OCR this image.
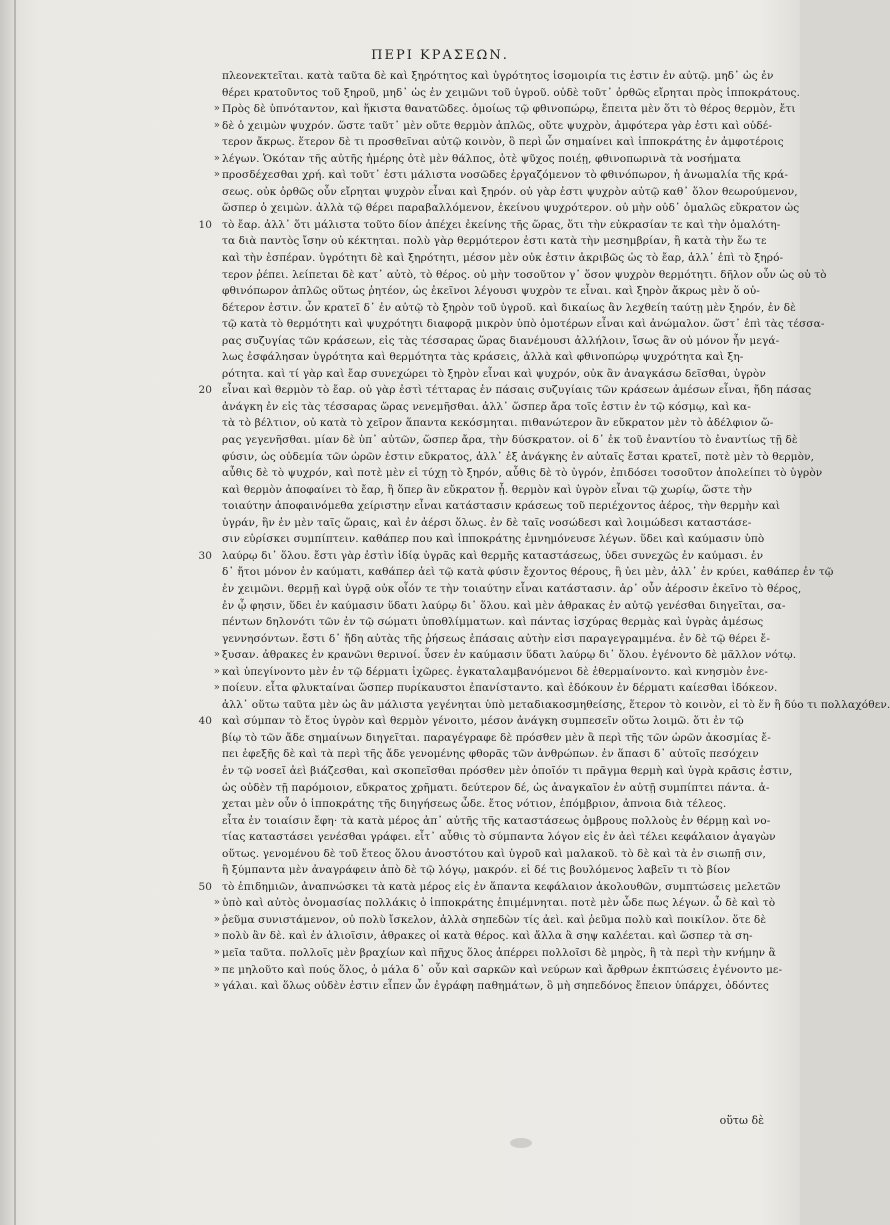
ΠΕΡΙ ΚΡΑΣΕΩΝ.
πλεονεκτεῖται. κατὰ ταῦτα δὲ καὶ ξηρότητος καὶ ὑγρότητος ἰσομοιρία τις ἐστιν ἐν αὐτῷ. μηδ᾽ ὡς ἐν
θέρει κρατοῦντος τοῦ ξηροῦ, μηδ᾽ ὡς ἐν χειμῶνι τοῦ ὑγροῦ. οὐδὲ τοῦτ᾽ ὀρθῶς εἴρηται πρὸς ἱπποκράτους.
» Πρὸς δὲ ὑπνόταντον, καὶ ἥκιστα θανατῶδες. ὁμοίως τῷ φθινοπώρῳ, ἔπειτα μὲν ὅτι τὸ θέρος θερμὸν, ἔτι
» δὲ ὁ χειμὼν ψυχρόν. ὥστε ταῦτ᾽ μὲν οὔτε θερμὸν ἁπλῶς, οὔτε ψυχρὸν, ἀμφότερα γὰρ ἐστι καὶ οὐδέ-
τερον ἄκρως. ἕτερον δὲ τι προσθεῖναι αὐτῷ κοινὸν, ὃ περὶ ὧν σημαίνει καὶ ἱπποκράτης ἐν ἀμφοτέροις
» λέγων. Ὁκόταν τῆς αὐτῆς ἡμέρης ὁτὲ μὲν θάλπος, ὁτὲ ψῦχος ποιέῃ, φθινοπωρινὰ τὰ νοσήματα
» προσδέχεσθαι χρή. καὶ τοῦτ᾽ ἐστι μάλιστα νοσῶδες ἐργαζόμενον τὸ φθινόπωρον, ἡ ἀνωμαλία τῆς κρά-
σεως. οὐκ ὀρθῶς οὖν εἴρηται ψυχρὸν εἶναι καὶ ξηρόν. οὐ γὰρ ἐστι ψυχρὸν αὐτῷ καθ᾽ ὅλον θεωρούμενον,
ὥσπερ ὁ χειμὼν. ἀλλὰ τῷ θέρει παραβαλλόμενον, ἐκείνου ψυχρότερον. οὐ μὴν οὐδ᾽ ὁμαλῶς εὔκρατον ὡς
10 τὸ ἔαρ. ἀλλ᾽ ὅτι μάλιστα τοῦτο δίον ἀπέχει ἐκείνης τῆς ὥρας, ὅτι τὴν εὐκρασίαν τε καὶ τὴν ὁμαλότη-
τα διὰ παντὸς ἴσην οὐ κέκτηται. πολὺ γὰρ θερμότερον ἐστι κατὰ τὴν μεσημβρίαν, ἢ κατὰ τὴν ἕω τε
καὶ τὴν ἑσπέραν. ὑγρότητι δὲ καὶ ξηρότητι, μέσον μὲν οὐκ ἐστιν ἀκριβῶς ὡς τὸ ἔαρ, ἀλλ᾽ ἐπὶ τὸ ξηρό-
τερον ῥέπει. λείπεται δὲ κατ᾽ αὐτὸ, τὸ θέρος. οὐ μὴν τοσοῦτον γ᾽ ὅσον ψυχρὸν θερμότητι. δῆλον οὖν ὡς οὐ τὸ
φθινόπωρον ἁπλῶς οὕτως ῥητέον, ὡς ἐκεῖνοι λέγουσι ψυχρὸν τε εἶναι. καὶ ξηρὸν ἄκρως μὲν ὅ οὐ-
δέτερον ἐστιν. ὧν κρατεῖ δ᾽ ἐν αὐτῷ τὸ ξηρὸν τοῦ ὑγροῦ. καὶ δικαίως ἂν λεχθείη ταύτῃ μὲν ξηρόν, ἐν δὲ
τῷ κατὰ τὸ θερμότητι καὶ ψυχρότητι διαφορᾷ μικρὸν ὑπὸ ὁμοτέρων εἶναι καὶ ἀνώμαλον. ὥστ᾽ ἐπὶ τὰς τέσσα-
ρας συζυγίας τῶν κράσεων, εἰς τὰς τέσσαρας ὥρας διανέμουσι ἀλλήλοιν, ἴσως ἂν οὐ μόνον ἦν μεγά-
λως ἐσφάλησαν ὑγρότητα καὶ θερμότητα τὰς κράσεις, ἀλλὰ καὶ φθινοπώρῳ ψυχρότητα καὶ ξη-
ρότητα. καὶ τί γὰρ καὶ ἔαρ συνεχώρει τὸ ξηρὸν εἶναι καὶ ψυχρόν, οὐκ ἂν ἀναγκάσω δεῖσθαι, ὑγρὸν
20 εἶναι καὶ θερμὸν τὸ ἔαρ. οὐ γὰρ ἐστὶ τέτταρας ἐν πάσαις συζυγίαις τῶν κράσεων ἀμέσων εἶναι, ἤδη πάσας
ἀνάγκη ἐν εἰς τὰς τέσσαρας ὥρας νενεμῆσθαι. ἀλλ᾽ ὥσπερ ἄρα τοῖς ἐστιν ἐν τῷ κόσμῳ, καὶ κα-
τὰ τὸ βέλτιον, οὐ κατὰ τὸ χεῖρον ἅπαντα κεκόσμηται. πιθανώτερον ἂν εὔκρατον μὲν τὸ ἀδέλφιον ὥ-
ρας γεγενῆσθαι. μίαν δὲ ὑπ᾽ αὐτῶν, ὥσπερ ἄρα, τὴν δύσκρατον. οἱ δ᾽ ἐκ τοῦ ἐναντίου τὸ ἐναντίως τῇ δὲ
φύσιν, ὡς οὐδεμία τῶν ὡρῶν ἐστιν εὔκρατος, ἀλλ᾽ ἐξ ἀνάγκης ἐν αὐταῖς ἔσται κρατεῖ, ποτὲ μὲν τὸ θερμὸν,
αὖθις δὲ τὸ ψυχρόν, καὶ ποτὲ μὲν εἰ τύχῃ τὸ ξηρόν, αὖθις δὲ τὸ ὑγρόν, ἐπιδόσει τοσοῦτον ἀπολείπει τὸ ὑγρὸν
καὶ θερμὸν ἀποφαίνει τὸ ἔαρ, ἢ ὅπερ ἂν εὔκρατον ᾖ. θερμὸν καὶ ὑγρὸν εἶναι τῷ χωρίῳ, ὥστε τὴν
τοιαύτην ἀποφαινόμεθα χείριστην εἶναι κατάστασιν κράσεως τοῦ περιέχοντος ἀέρος, τὴν θερμὴν καὶ
ὑγράν, ἣν ἐν μὲν ταῖς ὥραις, καὶ ἐν ἀέρσι ὅλως. ἐν δὲ ταῖς νοσώδεσι καὶ λοιμώδεσι καταστάσε-
σιν εὑρίσκει συμπίπτειν. καθάπερ που καὶ ἱπποκράτης ἐμνημόνευσε λέγων. ὕδει καὶ καύμασιν ὑπὸ
30 λαύρῳ δι᾽ ὅλου. ἔστι γὰρ ἐστὶν ἰδίᾳ ὑγρᾶς καὶ θερμῆς καταστάσεως, ὑδει συνεχῶς ἐν καύμασι. ἐν
δ᾽ ἤτοι μόνον ἐν καύματι, καθάπερ ἀεὶ τῷ κατὰ φύσιν ἔχοντος θέρους, ἢ ὑει μὲν, ἀλλ᾽ ἐν κρύει, καθάπερ ἐν τῷ
ἐν χειμῶνι. θερμῇ καὶ ὑγρᾷ οὐκ οἶόν τε τὴν τοιαύτην εἶναι κατάστασιν. ἀρ᾽ οὖν ἀέροσιν ἐκεῖνο τὸ θέρος,
ἐν ᾧ φησιν, ὕδει ἐν καύμασιν ὕδατι λαύρῳ δι᾽ ὅλου. καὶ μὲν ἀθρακας ἐν αὐτῷ γενέσθαι διηγεῖται, σα-
πέντων δηλονότι τῶν ἐν τῷ σώματι ὑποθλίμματων. καὶ πάντας ἰσχύρας θερμὰς καὶ ὑγρὰς ἀμέσως
γεννησόντων. ἔστι δ᾽ ἤδη αὐτὰς τῆς ῥήσεως ἐπάσαις αὐτὴν εἰσι παραγεγραμμένα. ἐν δὲ τῷ θέρει ἔ-
» ξυσαν. ἀθρακες ἐν κρανῶνι θερινοί. ὗσεν ἐν καύμασιν ὕδατι λαύρῳ δι᾽ ὅλου. ἐγένοντο δὲ μᾶλλον νότῳ.
» καὶ ὑπεγίνοντο μὲν ἐν τῷ δέρματι ἰχῶρες. ἐγκαταλαμβανόμενοι δὲ ἐθερμαίνοντο. καὶ κνησμὸν ἐνε-
» ποίευν. εἶτα φλυκταίναι ὥσπερ πυρίκαυστοι ἐπανίσταντο. καὶ ἐδόκουν ἐν δέρματι καίεσθαι ἰδόκεον.
ἀλλ᾽ οὕτω ταῦτα μὲν ὡς ἂν μάλιστα γεγένηται ὑπὸ μεταδιακοσμηθείσης, ἕτερον τὸ κοινὸν, εἰ τὸ ἕν ἢ δύο τι πολλαχόθεν.
40 καὶ σύμπαν τὸ ἔτος ὑγρὸν καὶ θερμὸν γένοιτο, μέσον ἀνάγκη συμπεσεῖν οὕτω λοιμῶ. ὅτι ἐν τῷ
βίῳ τὸ τῶν ἄδε σημαίνων διηγεῖται. παραγέγραφε δὲ πρόσθεν μὲν ἃ περὶ τῆς τῶν ὡρῶν ἀκοσμίας ἔ-
πει ἐφεξῆς δὲ καὶ τὰ περὶ τῆς ἄδε γενομένης φθορᾶς τῶν ἀνθρώπων. ἐν ἅπασι δ᾽ αὐτοῖς πεσόχειν
ἐν τῷ νοσεῖ ἀεὶ βιάζεσθαι, καὶ σκοπεῖσθαι πρόσθεν μὲν ὁποῖόν τι πρᾶγμα θερμὴ καὶ ὑγρὰ κρᾶσις ἐστιν,
ὡς οὐδὲν τῇ παρόμοιον, εὔκρατος χρῆματι. δεύτερον δέ, ὡς ἀναγκαῖον ἐν αὐτῇ συμπίπτει πάντα. ἀ-
χεται μὲν οὖν ὁ ἱπποκράτης τῆς διηγήσεως ὧδε. ἔτος νότιον, ἐπόμβριον, ἀπνοια διὰ τέλεος.
εἶτα ἐν τοιαίσιν ἔφη· τὰ κατὰ μέρος ἀπ᾽ αὐτῆς τῆς καταστάσεως ὀμβρους πολλοὺς ἐν θέρμῃ καὶ νο-
τίας καταστάσει γενέσθαι γράφει. εἶτ᾽ αὖθις τὸ σύμπαντα λόγον εἰς ἐν ἀεὶ τέλει κεφάλαιον ἀγαγὼν
οὕτως. γενομένου δὲ τοῦ ἔτεος ὅλου ἀνοστότου καὶ ὑγροῦ καὶ μαλακοῦ. τὸ δὲ καὶ τὰ ἐν σιωπῇ σιν,
ἢ ξύμπαντα μὲν ἀναγράφειν ἀπὸ δὲ τῷ λόγῳ, μακρόν. εἰ δέ τις βουλόμενος λαβεῖν τι τὸ βίον
50 τὸ ἐπιδημιῶν, ἀναπνώσκει τὰ κατὰ μέρος εἰς ἐν ἅπαντα κεφάλαιον ἀκολουθῶν, συμπτώσεις μελετῶν
» ὑπὸ καὶ αὐτὸς ὀνομασίας πολλάκις ὁ ἱπποκράτης ἐπιμέμνηται. ποτὲ μὲν ὧδε πως λέγων. ὦ δὲ καὶ τὸ
» ῥεῦμα συνιστάμενον, οὐ πολὺ ἴσκελον, ἀλλὰ σηπεδὼν τίς ἀεὶ. καὶ ῥεῦμα πολὺ καὶ ποικίλον. ὅτε δὲ
» πολὺ ἂν δὲ. καὶ ἐν ἀλιοῖσιν, ἀθρακες οἱ κατὰ θέρος. καὶ ἄλλα ἃ σηψ καλέεται. καὶ ὥσπερ τὰ ση-
» μεῖα ταῦτα. πολλοῖς μὲν βραχίων καὶ πῆχυς ὅλος ἀπέρρει πολλοῖσι δὲ μηρὸς, ἢ τὰ περὶ τὴν κνήμην ἃ
» πε μηλοῦτο καὶ πούς ὅλος, ὁ μάλα δ᾽ οὖν καὶ σαρκῶν καὶ νεύρων καὶ ἄρθρων ἐκπτώσεις ἐγένοντο με-
» γάλαι. καὶ ὅλως οὐδὲν ἐστιν εἶπεν ὧν ἐγράφη παθημάτων, ὃ μὴ σηπεδόνος ἔπειον ὑπάρχει, ὁδόντες
οὕτω δὲ
